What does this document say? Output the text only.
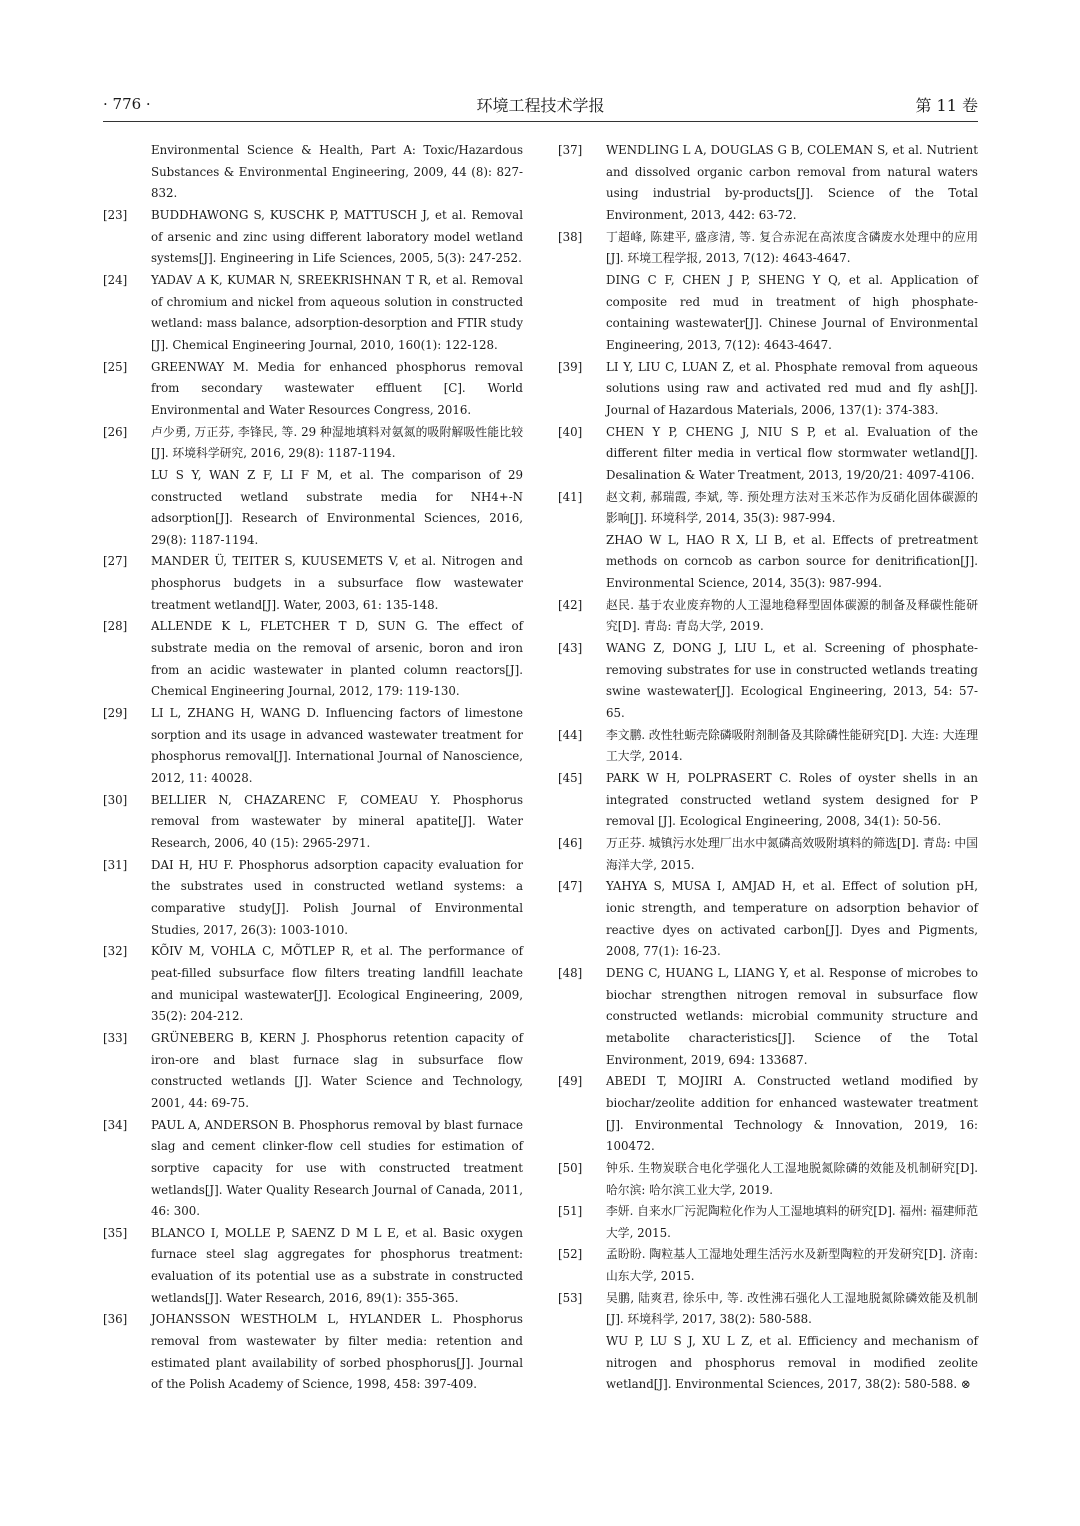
· 776 ·	环境工程技术学报	第 11 卷
Environmental Science & Health, Part A: Toxic/Hazardous Substances & Environmental Engineering, 2009, 44 (8): 827-832.
[23]	BUDDHAWONG S, KUSCHK P, MATTUSCH J, et al. Removal of arsenic and zinc using different laboratory model wetland systems[J]. Engineering in Life Sciences, 2005, 5(3): 247-252.
[24]	YADAV A K, KUMAR N, SREEKRISHNAN T R, et al. Removal of chromium and nickel from aqueous solution in constructed wetland: mass balance, adsorption-desorption and FTIR study [J]. Chemical Engineering Journal, 2010, 160(1): 122-128.
[25]	GREENWAY M. Media for enhanced phosphorus removal from secondary wastewater effluent [C]. World Environmental and Water Resources Congress, 2016.
[26]	卢少勇, 万正芬, 李锋民, 等. 29 种湿地填料对氨氮的吸附解吸性能比较[J]. 环境科学研究, 2016, 29(8): 1187-1194.
LU S Y, WAN Z F, LI F M, et al. The comparison of 29 constructed wetland substrate media for NH4+-N adsorption[J]. Research of Environmental Sciences, 2016, 29(8): 1187-1194.
[27]	MANDER Ü, TEITER S, KUUSEMETS V, et al. Nitrogen and phosphorus budgets in a subsurface flow wastewater treatment wetland[J]. Water, 2003, 61: 135-148.
[28]	ALLENDE K L, FLETCHER T D, SUN G. The effect of substrate media on the removal of arsenic, boron and iron from an acidic wastewater in planted column reactors[J]. Chemical Engineering Journal, 2012, 179: 119-130.
[29]	LI L, ZHANG H, WANG D. Influencing factors of limestone sorption and its usage in advanced wastewater treatment for phosphorus removal[J]. International Journal of Nanoscience, 2012, 11: 40028.
[30]	BELLIER N, CHAZARENC F, COMEAU Y. Phosphorus removal from wastewater by mineral apatite[J]. Water Research, 2006, 40 (15): 2965-2971.
[31]	DAI H, HU F. Phosphorus adsorption capacity evaluation for the substrates used in constructed wetland systems: a comparative study[J]. Polish Journal of Environmental Studies, 2017, 26(3): 1003-1010.
[32]	KÕIV M, VOHLA C, MÕTLEP R, et al. The performance of peat-filled subsurface flow filters treating landfill leachate and municipal wastewater[J]. Ecological Engineering, 2009, 35(2): 204-212.
[33]	GRÜNEBERG B, KERN J. Phosphorus retention capacity of iron-ore and blast furnace slag in subsurface flow constructed wetlands [J]. Water Science and Technology, 2001, 44: 69-75.
[34]	PAUL A, ANDERSON B. Phosphorus removal by blast furnace slag and cement clinker-flow cell studies for estimation of sorptive capacity for use with constructed treatment wetlands[J]. Water Quality Research Journal of Canada, 2011, 46: 300.
[35]	BLANCO I, MOLLE P, SAENZ D M L E, et al. Basic oxygen furnace steel slag aggregates for phosphorus treatment: evaluation of its potential use as a substrate in constructed wetlands[J]. Water Research, 2016, 89(1): 355-365.
[36]	JOHANSSON WESTHOLM L, HYLANDER L. Phosphorus removal from wastewater by filter media: retention and estimated plant availability of sorbed phosphorus[J]. Journal of the Polish Academy of Science, 1998, 458: 397-409.
[37]	WENDLING L A, DOUGLAS G B, COLEMAN S, et al. Nutrient and dissolved organic carbon removal from natural waters using industrial by-products[J]. Science of the Total Environment, 2013, 442: 63-72.
[38]	丁超峰, 陈建平, 盛彦清, 等. 复合赤泥在高浓度含磷废水处理中的应用[J]. 环境工程学报, 2013, 7(12): 4643-4647.
DING C F, CHEN J P, SHENG Y Q, et al. Application of composite red mud in treatment of high phosphate-containing wastewater[J]. Chinese Journal of Environmental Engineering, 2013, 7(12): 4643-4647.
[39]	LI Y, LIU C, LUAN Z, et al. Phosphate removal from aqueous solutions using raw and activated red mud and fly ash[J]. Journal of Hazardous Materials, 2006, 137(1): 374-383.
[40]	CHEN Y P, CHENG J, NIU S P, et al. Evaluation of the different filter media in vertical flow stormwater wetland[J]. Desalination & Water Treatment, 2013, 19/20/21: 4097-4106.
[41]	赵文莉, 郝瑞霞, 李斌, 等. 预处理方法对玉米芯作为反硝化固体碳源的影响[J]. 环境科学, 2014, 35(3): 987-994.
ZHAO W L, HAO R X, LI B, et al. Effects of pretreatment methods on corncob as carbon source for denitrification[J]. Environmental Science, 2014, 35(3): 987-994.
[42]	赵民. 基于农业废弃物的人工湿地稳释型固体碳源的制备及释碳性能研究[D]. 青岛: 青岛大学, 2019.
[43]	WANG Z, DONG J, LIU L, et al. Screening of phosphate-removing substrates for use in constructed wetlands treating swine wastewater[J]. Ecological Engineering, 2013, 54: 57-65.
[44]	李文鹏. 改性牡蛎壳除磷吸附剂制备及其除磷性能研究[D]. 大连: 大连理工大学, 2014.
[45]	PARK W H, POLPRASERT C. Roles of oyster shells in an integrated constructed wetland system designed for P removal [J]. Ecological Engineering, 2008, 34(1): 50-56.
[46]	万正芬. 城镇污水处理厂出水中氮磷高效吸附填料的筛选[D]. 青岛: 中国海洋大学, 2015.
[47]	YAHYA S, MUSA I, AMJAD H, et al. Effect of solution pH, ionic strength, and temperature on adsorption behavior of reactive dyes on activated carbon[J]. Dyes and Pigments, 2008, 77(1): 16-23.
[48]	DENG C, HUANG L, LIANG Y, et al. Response of microbes to biochar strengthen nitrogen removal in subsurface flow constructed wetlands: microbial community structure and metabolite characteristics[J]. Science of the Total Environment, 2019, 694: 133687.
[49]	ABEDI T, MOJIRI A. Constructed wetland modified by biochar/zeolite addition for enhanced wastewater treatment [J]. Environmental Technology & Innovation, 2019, 16: 100472.
[50]	钟乐. 生物炭联合电化学强化人工湿地脱氮除磷的效能及机制研究[D]. 哈尔滨: 哈尔滨工业大学, 2019.
[51]	李妍. 自来水厂污泥陶粒化作为人工湿地填料的研究[D]. 福州: 福建师范大学, 2015.
[52]	孟盼盼. 陶粒基人工湿地处理生活污水及新型陶粒的开发研究[D]. 济南: 山东大学, 2015.
[53]	吴鹏, 陆爽君, 徐乐中, 等. 改性沸石强化人工湿地脱氮除磷效能及机制[J]. 环境科学, 2017, 38(2): 580-588.
WU P, LU S J, XU L Z, et al. Efficiency and mechanism of nitrogen and phosphorus removal in modified zeolite wetland[J]. Environmental Sciences, 2017, 38(2): 580-588. ⊗
